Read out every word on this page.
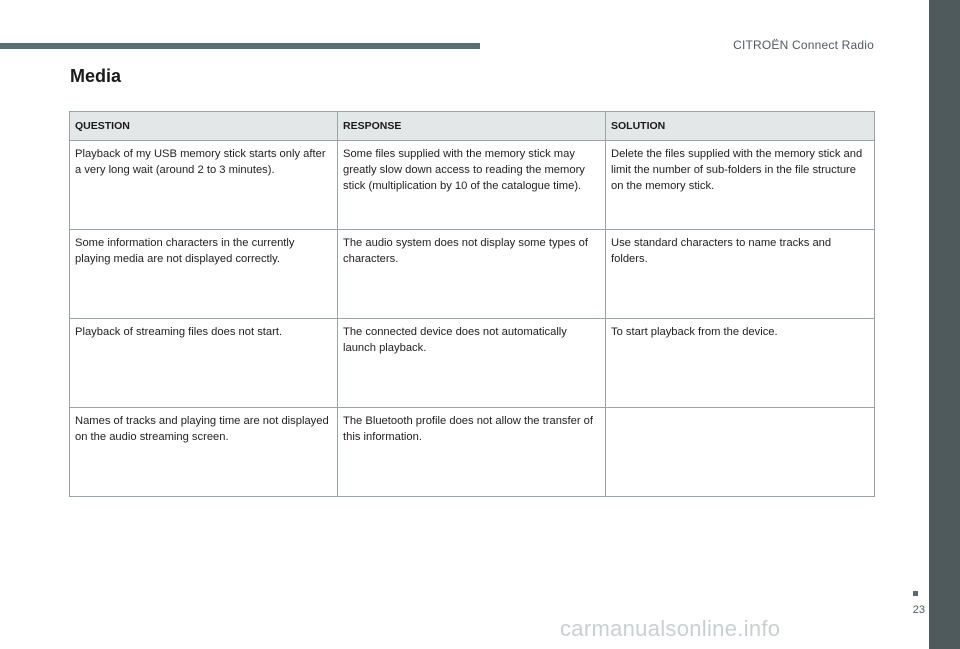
CITROËN Connect Radio
Media
QUESTION	RESPONSE	SOLUTION
Playback of my USB memory stick starts only after a very long wait (around 2 to 3 minutes).	Some files supplied with the memory stick may greatly slow down access to reading the memory stick (multiplication by 10 of the catalogue time).	Delete the files supplied with the memory stick and limit the number of sub-folders in the file structure on the memory stick.
Some information characters in the currently playing media are not displayed correctly.	The audio system does not display some types of characters.	Use standard characters to name tracks and folders.
Playback of streaming files does not start.	The connected device does not automatically launch playback.	To start playback from the device.
Names of tracks and playing time are not displayed on the audio streaming screen.	The Bluetooth profile does not allow the transfer of this information.	
23
carmanualsonline.info
